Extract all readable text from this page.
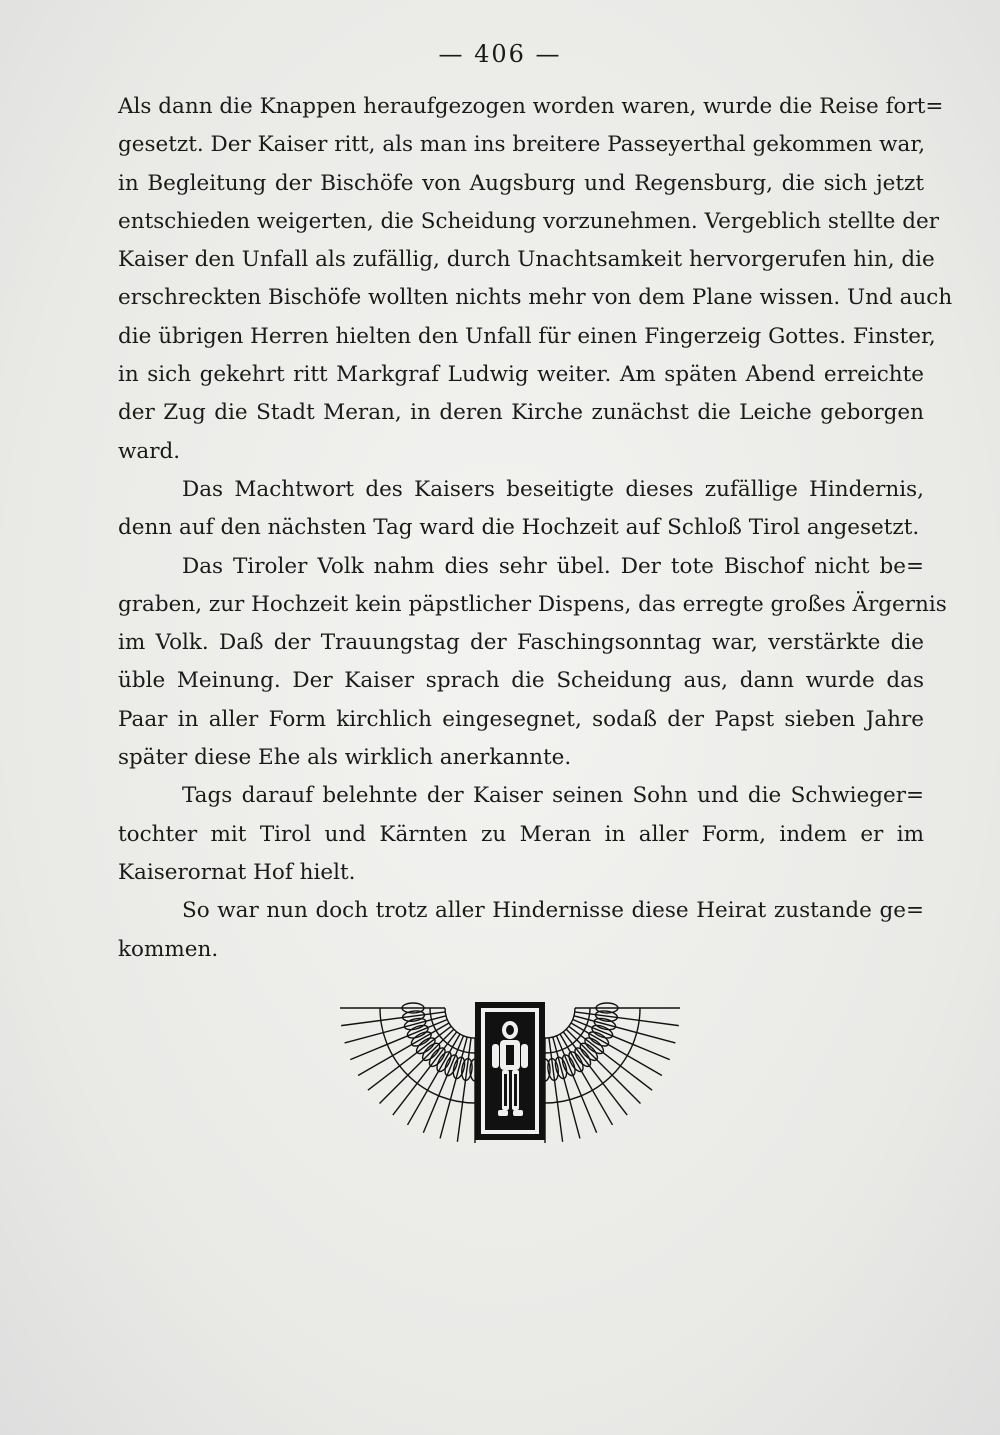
— 406 —
Als dann die Knappen heraufgezogen worden waren, wurde die Reise fort=
gesetzt. Der Kaiser ritt, als man ins breitere Passeyerthal gekommen war,
in Begleitung der Bischöfe von Augsburg und Regensburg, die sich jetzt
entschieden weigerten, die Scheidung vorzunehmen. Vergeblich stellte der
Kaiser den Unfall als zufällig, durch Unachtsamkeit hervorgerufen hin, die
erschreckten Bischöfe wollten nichts mehr von dem Plane wissen. Und auch
die übrigen Herren hielten den Unfall für einen Fingerzeig Gottes. Finster,
in sich gekehrt ritt Markgraf Ludwig weiter. Am späten Abend erreichte
der Zug die Stadt Meran, in deren Kirche zunächst die Leiche geborgen
ward.
Das Machtwort des Kaisers beseitigte dieses zufällige Hindernis,
denn auf den nächsten Tag ward die Hochzeit auf Schloß Tirol angesetzt.
Das Tiroler Volk nahm dies sehr übel. Der tote Bischof nicht be=
graben, zur Hochzeit kein päpstlicher Dispens, das erregte großes Ärgernis
im Volk. Daß der Trauungstag der Faschingsonntag war, verstärkte die
üble Meinung. Der Kaiser sprach die Scheidung aus, dann wurde das
Paar in aller Form kirchlich eingesegnet, sodaß der Papst sieben Jahre
später diese Ehe als wirklich anerkannte.
Tags darauf belehnte der Kaiser seinen Sohn und die Schwieger=
tochter mit Tirol und Kärnten zu Meran in aller Form, indem er im
Kaiserornat Hof hielt.
So war nun doch trotz aller Hindernisse diese Heirat zustande ge=
kommen.
